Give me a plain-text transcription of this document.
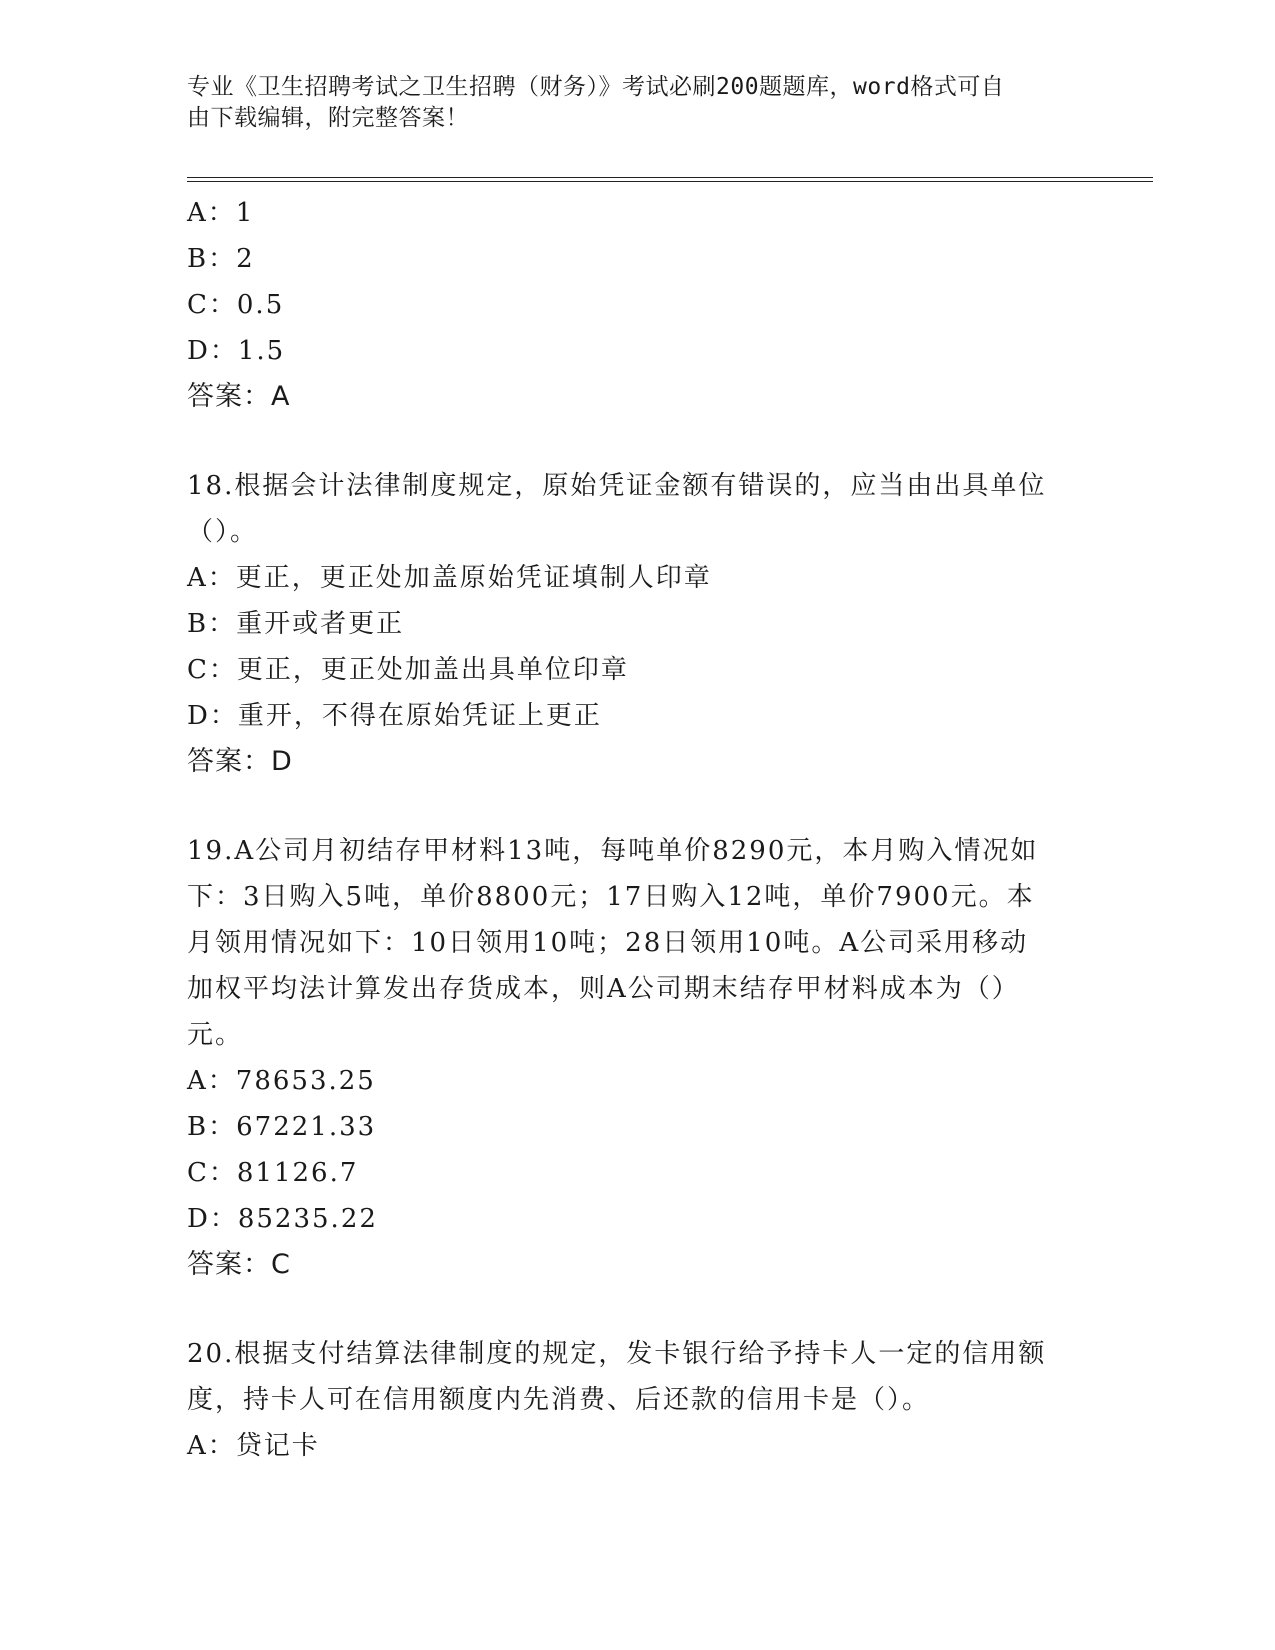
专业《卫生招聘考试之卫生招聘（财务）》考试必刷200题题库，word格式可自
由下载编辑，附完整答案！
A：1
B：2
C：0.5
D：1.5
答案：A
18.根据会计法律制度规定，原始凭证金额有错误的，应当由出具单位
（）。
A：更正，更正处加盖原始凭证填制人印章
B：重开或者更正
C：更正，更正处加盖出具单位印章
D：重开，不得在原始凭证上更正
答案：D
19.A公司月初结存甲材料13吨，每吨单价8290元，本月购入情况如
下：3日购入5吨，单价8800元；17日购入12吨，单价7900元。本
月领用情况如下：10日领用10吨；28日领用10吨。A公司采用移动
加权平均法计算发出存货成本，则A公司期末结存甲材料成本为（）
元。
A：78653.25
B：67221.33
C：81126.7
D：85235.22
答案：C
20.根据支付结算法律制度的规定，发卡银行给予持卡人一定的信用额
度，持卡人可在信用额度内先消费、后还款的信用卡是（）。
A：贷记卡
